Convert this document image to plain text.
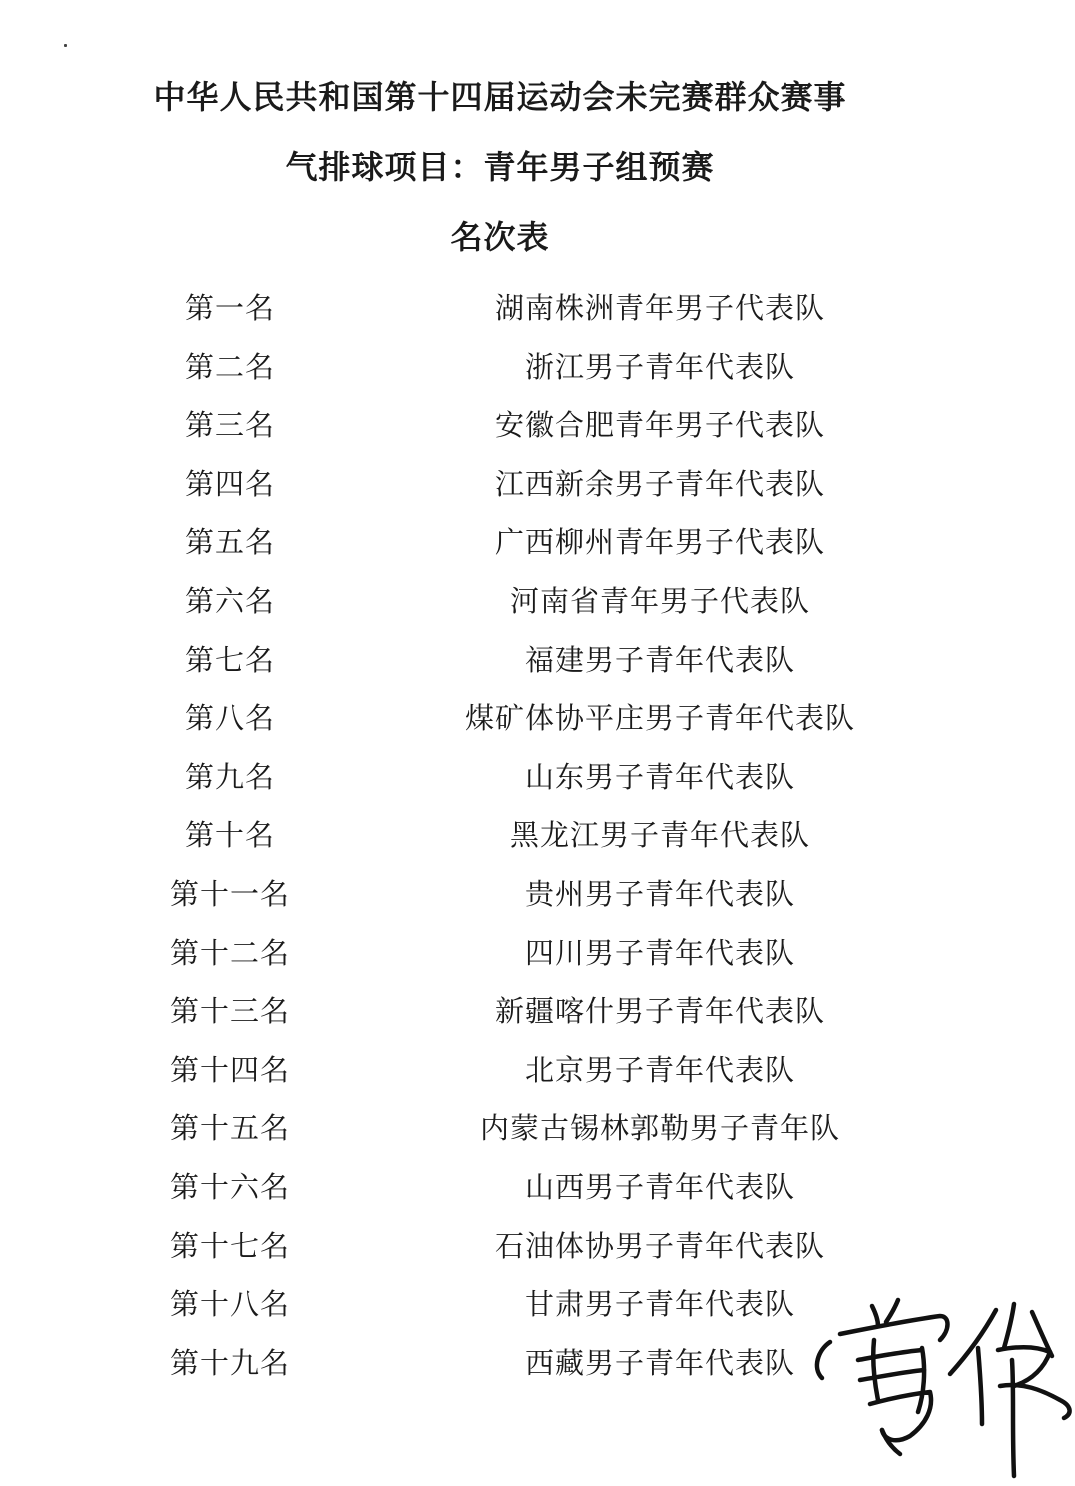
中华人民共和国第十四届运动会未完赛群众赛事
气排球项目：青年男子组预赛
名次表
第一名	湖南株洲青年男子代表队
第二名	浙江男子青年代表队
第三名	安徽合肥青年男子代表队
第四名	江西新余男子青年代表队
第五名	广西柳州青年男子代表队
第六名	河南省青年男子代表队
第七名	福建男子青年代表队
第八名	煤矿体协平庄男子青年代表队
第九名	山东男子青年代表队
第十名	黑龙江男子青年代表队
第十一名	贵州男子青年代表队
第十二名	四川男子青年代表队
第十三名	新疆喀什男子青年代表队
第十四名	北京男子青年代表队
第十五名	内蒙古锡林郭勒男子青年队
第十六名	山西男子青年代表队
第十七名	石油体协男子青年代表队
第十八名	甘肃男子青年代表队
第十九名	西藏男子青年代表队
